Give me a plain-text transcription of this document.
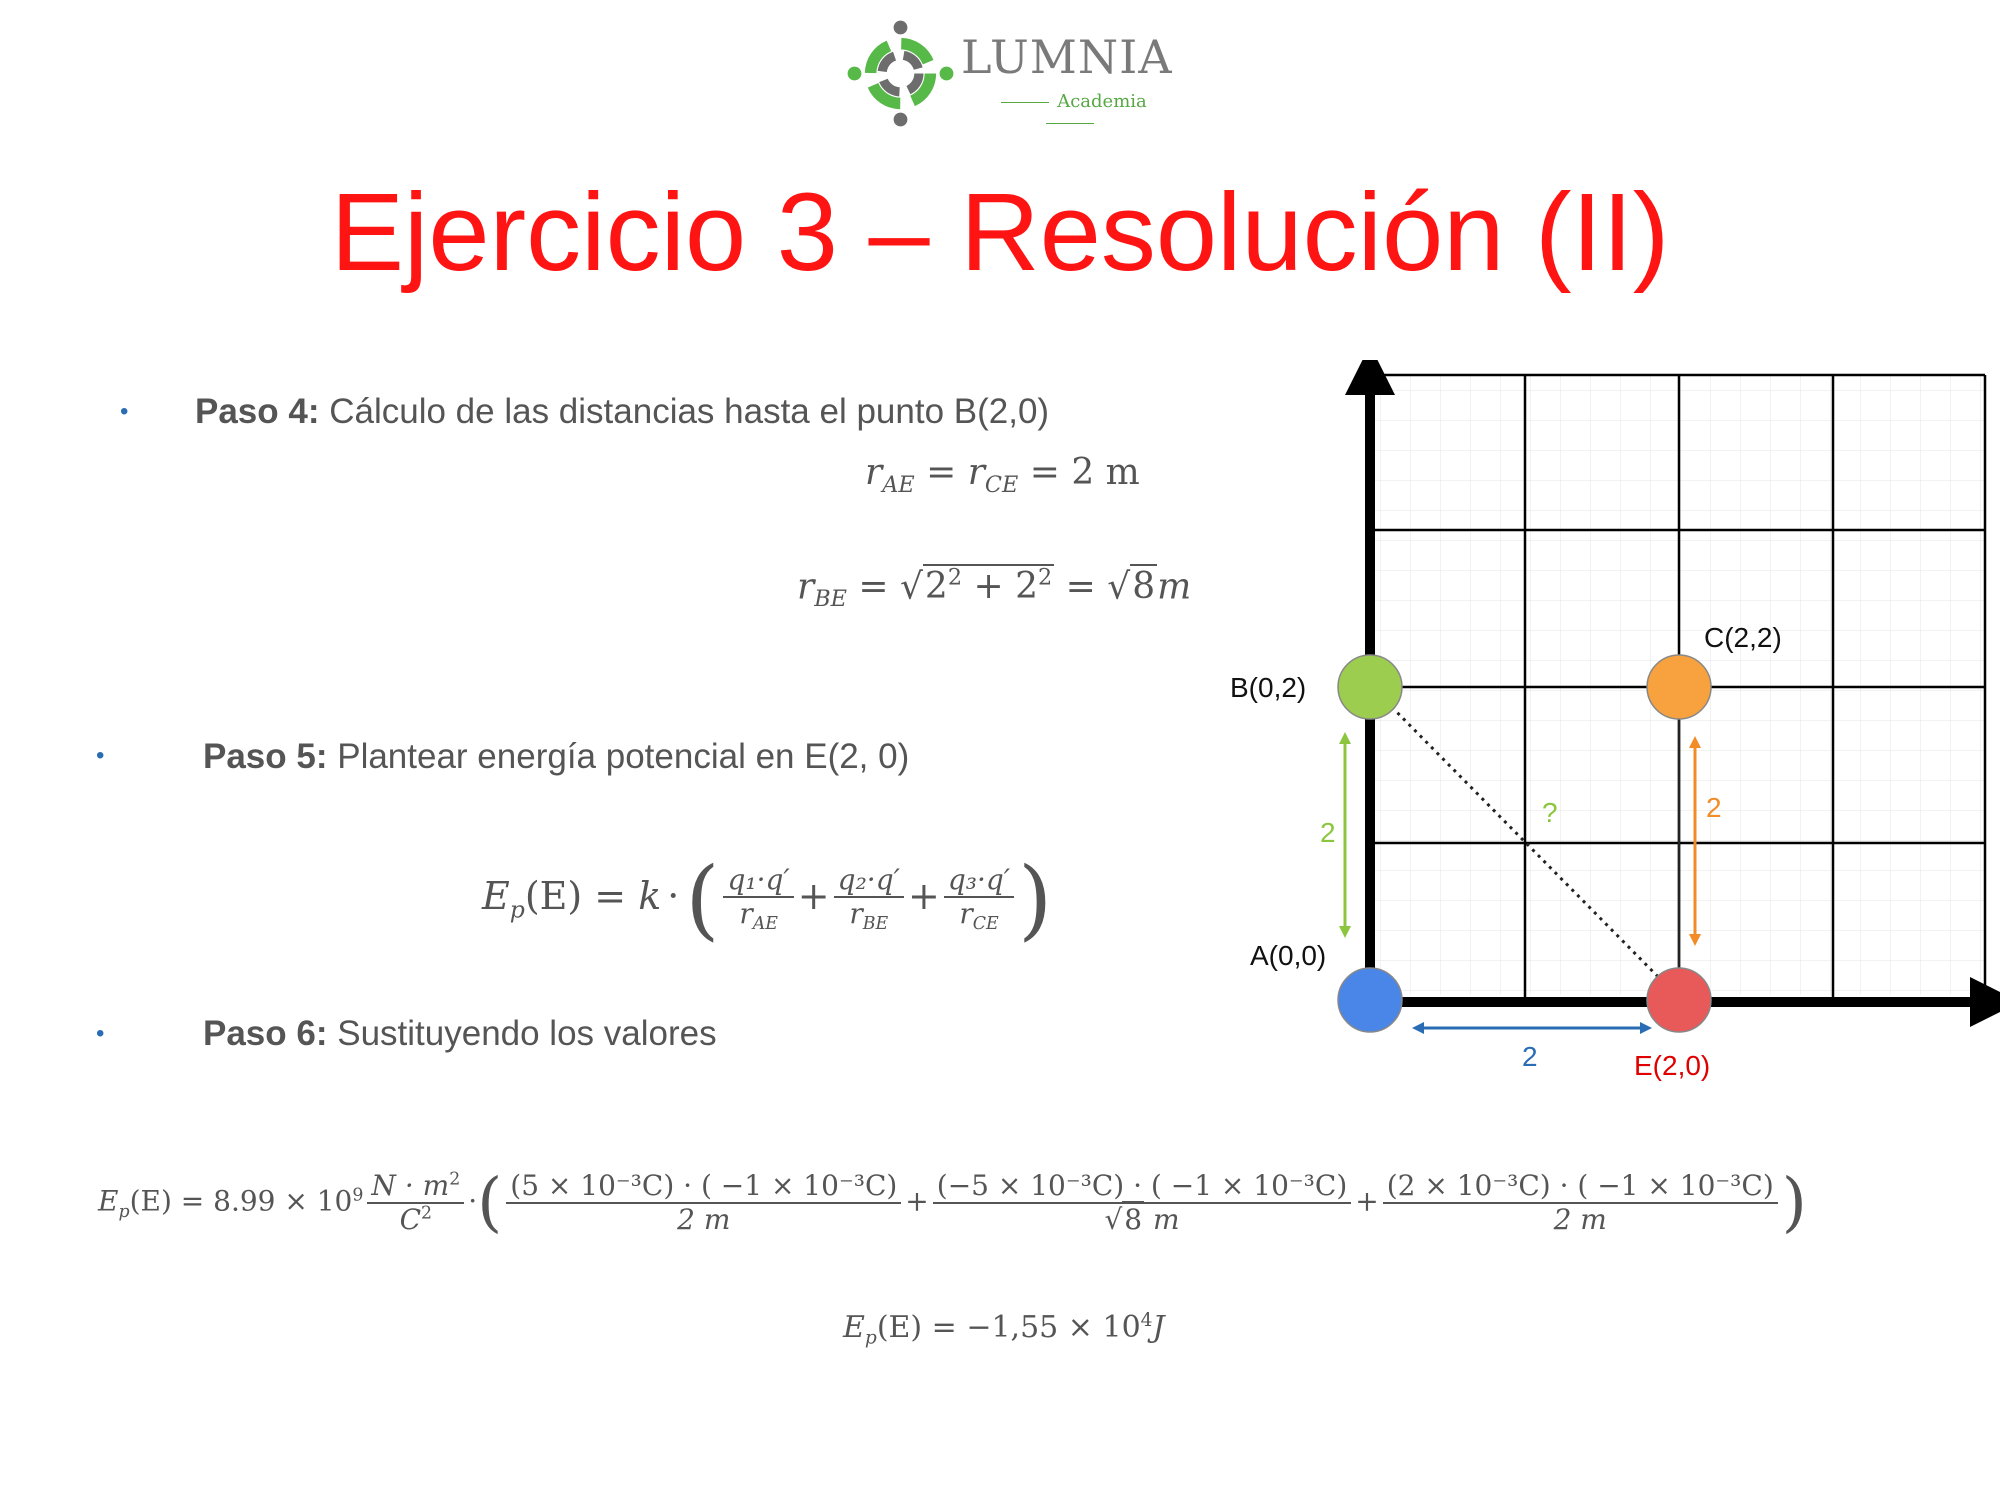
LUMNIA
Academia
Ejercicio 3 – Resolución (II)
• Paso 4: Cálculo de las distancias hasta el punto B(2,0)
$r_{AE} = r_{CE} = 2$ m
$r_{BE} = √2^2 + 2^2 = √8m$
•	Paso 5: Plantear energía potencial en E(2, 0)
$E_p(E) = k$ ·( $\frac{\text{q₁·q′}}{r_{AE}} + \frac{\text{q₂·q′}}{r_{BE}} + \frac{\text{q₃·q′}}{r_{CE}}$ )
•	Paso 6: Sustituyendo los valores
$E_p(E) = 8.99 \times 10^9 \frac{N \cdot m^2}{C^2}$ ·( $\frac{\text{(5 × 10⁻³C) · ( −1 × 10⁻³C)}}{2 m} + \frac{\text{(−5 × 10⁻³C) · ( −1 × 10⁻³C)}}{√8 m} + \frac{\text{(2 × 10⁻³C) · ( −1 × 10⁻³C)}}{2 m}$ )
$E_p(E) = -1,55 \times 10^4J$
A(0,0)
B(0,2)
C(2,2)
E(2,0)
2
2
2
?
